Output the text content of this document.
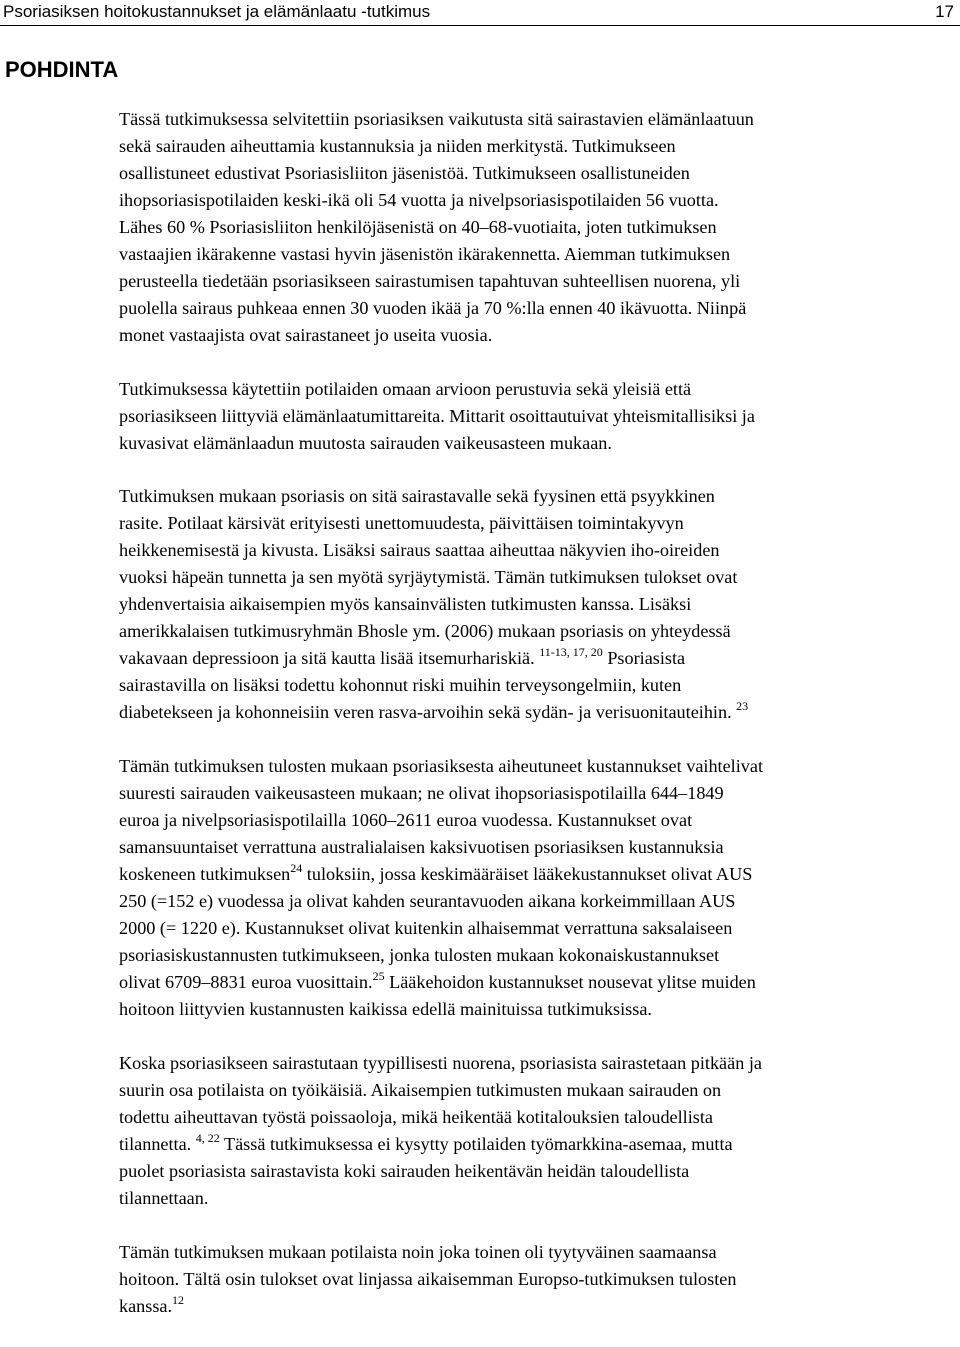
Psoriasiksen hoitokustannukset ja elämänlaatu -tutkimus	17
POHDINTA

Tässä tutkimuksessa selvitettiin psoriasiksen vaikutusta sitä sairastavien elämänlaatuun
sekä sairauden aiheuttamia kustannuksia ja niiden merkitystä. Tutkimukseen
osallistuneet edustivat Psoriasisliiton jäsenistöä. Tutkimukseen osallistuneiden
ihopsoriasispotilaiden keski-ikä oli 54 vuotta ja nivelpsoriasispotilaiden 56 vuotta.
Lähes 60 % Psoriasisliiton henkilöjäsenistä on 40–68-vuotiaita, joten tutkimuksen
vastaajien ikärakenne vastasi hyvin jäsenistön ikärakennetta. Aiemman tutkimuksen
perusteella tiedetään psoriasikseen sairastumisen tapahtuvan suhteellisen nuorena, yli
puolella sairaus puhkeaa ennen 30 vuoden ikää ja 70 %:lla ennen 40 ikävuotta. Niinpä
monet vastaajista ovat sairastaneet jo useita vuosia.

Tutkimuksessa käytettiin potilaiden omaan arvioon perustuvia sekä yleisiä että
psoriasikseen liittyviä elämänlaatumittareita. Mittarit osoittautuivat yhteismitallisiksi ja
kuvasivat elämänlaadun muutosta sairauden vaikeusasteen mukaan.

Tutkimuksen mukaan psoriasis on sitä sairastavalle sekä fyysinen että psyykkinen
rasite. Potilaat kärsivät erityisesti unettomuudesta, päivittäisen toimintakyvyn
heikkenemisestä ja kivusta. Lisäksi sairaus saattaa aiheuttaa näkyvien iho-oireiden
vuoksi häpeän tunnetta ja sen myötä syrjäytymistä. Tämän tutkimuksen tulokset ovat
yhdenvertaisia aikaisempien myös kansainvälisten tutkimusten kanssa. Lisäksi
amerikkalaisen tutkimusryhmän Bhosle ym. (2006) mukaan psoriasis on yhteydessä
vakavaan depressioon ja sitä kautta lisää itsemurhariskiä. $^{11-13, 17, 20}$ Psoriasista
sairastavilla on lisäksi todettu kohonnut riski muihin terveysongelmiin, kuten
diabetekseen ja kohonneisiin veren rasva-arvoihin sekä sydän- ja verisuonitauteihin. $^{23}$

Tämän tutkimuksen tulosten mukaan psoriasiksesta aiheutuneet kustannukset vaihtelivat
suuresti sairauden vaikeusasteen mukaan; ne olivat ihopsoriasispotilailla 644–1849
euroa ja nivelpsoriasispotilailla 1060–2611 euroa vuodessa. Kustannukset ovat
samansuuntaiset verrattuna australialaisen kaksivuotisen psoriasiksen kustannuksia
koskeneen tutkimuksen$^{24}$ tuloksiin, jossa keskimääräiset lääkekustannukset olivat AUS
250 (=152 e) vuodessa ja olivat kahden seurantavuoden aikana korkeimmillaan AUS
2000 (= 1220 e). Kustannukset olivat kuitenkin alhaisemmat verrattuna saksalaiseen
psoriasiskustannusten tutkimukseen, jonka tulosten mukaan kokonaiskustannukset
olivat 6709–8831 euroa vuosittain.$^{25}$ Lääkehoidon kustannukset nousevat ylitse muiden
hoitoon liittyvien kustannusten kaikissa edellä mainituissa tutkimuksissa.

Koska psoriasikseen sairastutaan tyypillisesti nuorena, psoriasista sairastetaan pitkään ja
suurin osa potilaista on työikäisiä. Aikaisempien tutkimusten mukaan sairauden on
todettu aiheuttavan työstä poissaoloja, mikä heikentää kotitalouksien taloudellista
tilannetta. $^{4, 22}$ Tässä tutkimuksessa ei kysytty potilaiden työmarkkina-asemaa, mutta
puolet psoriasista sairastavista koki sairauden heikentävän heidän taloudellista
tilannettaan.

Tämän tutkimuksen mukaan potilaista noin joka toinen oli tyytyväinen saamaansa
hoitoon. Tältä osin tulokset ovat linjassa aikaisemman Europso-tutkimuksen tulosten
kanssa.$^{12}$
